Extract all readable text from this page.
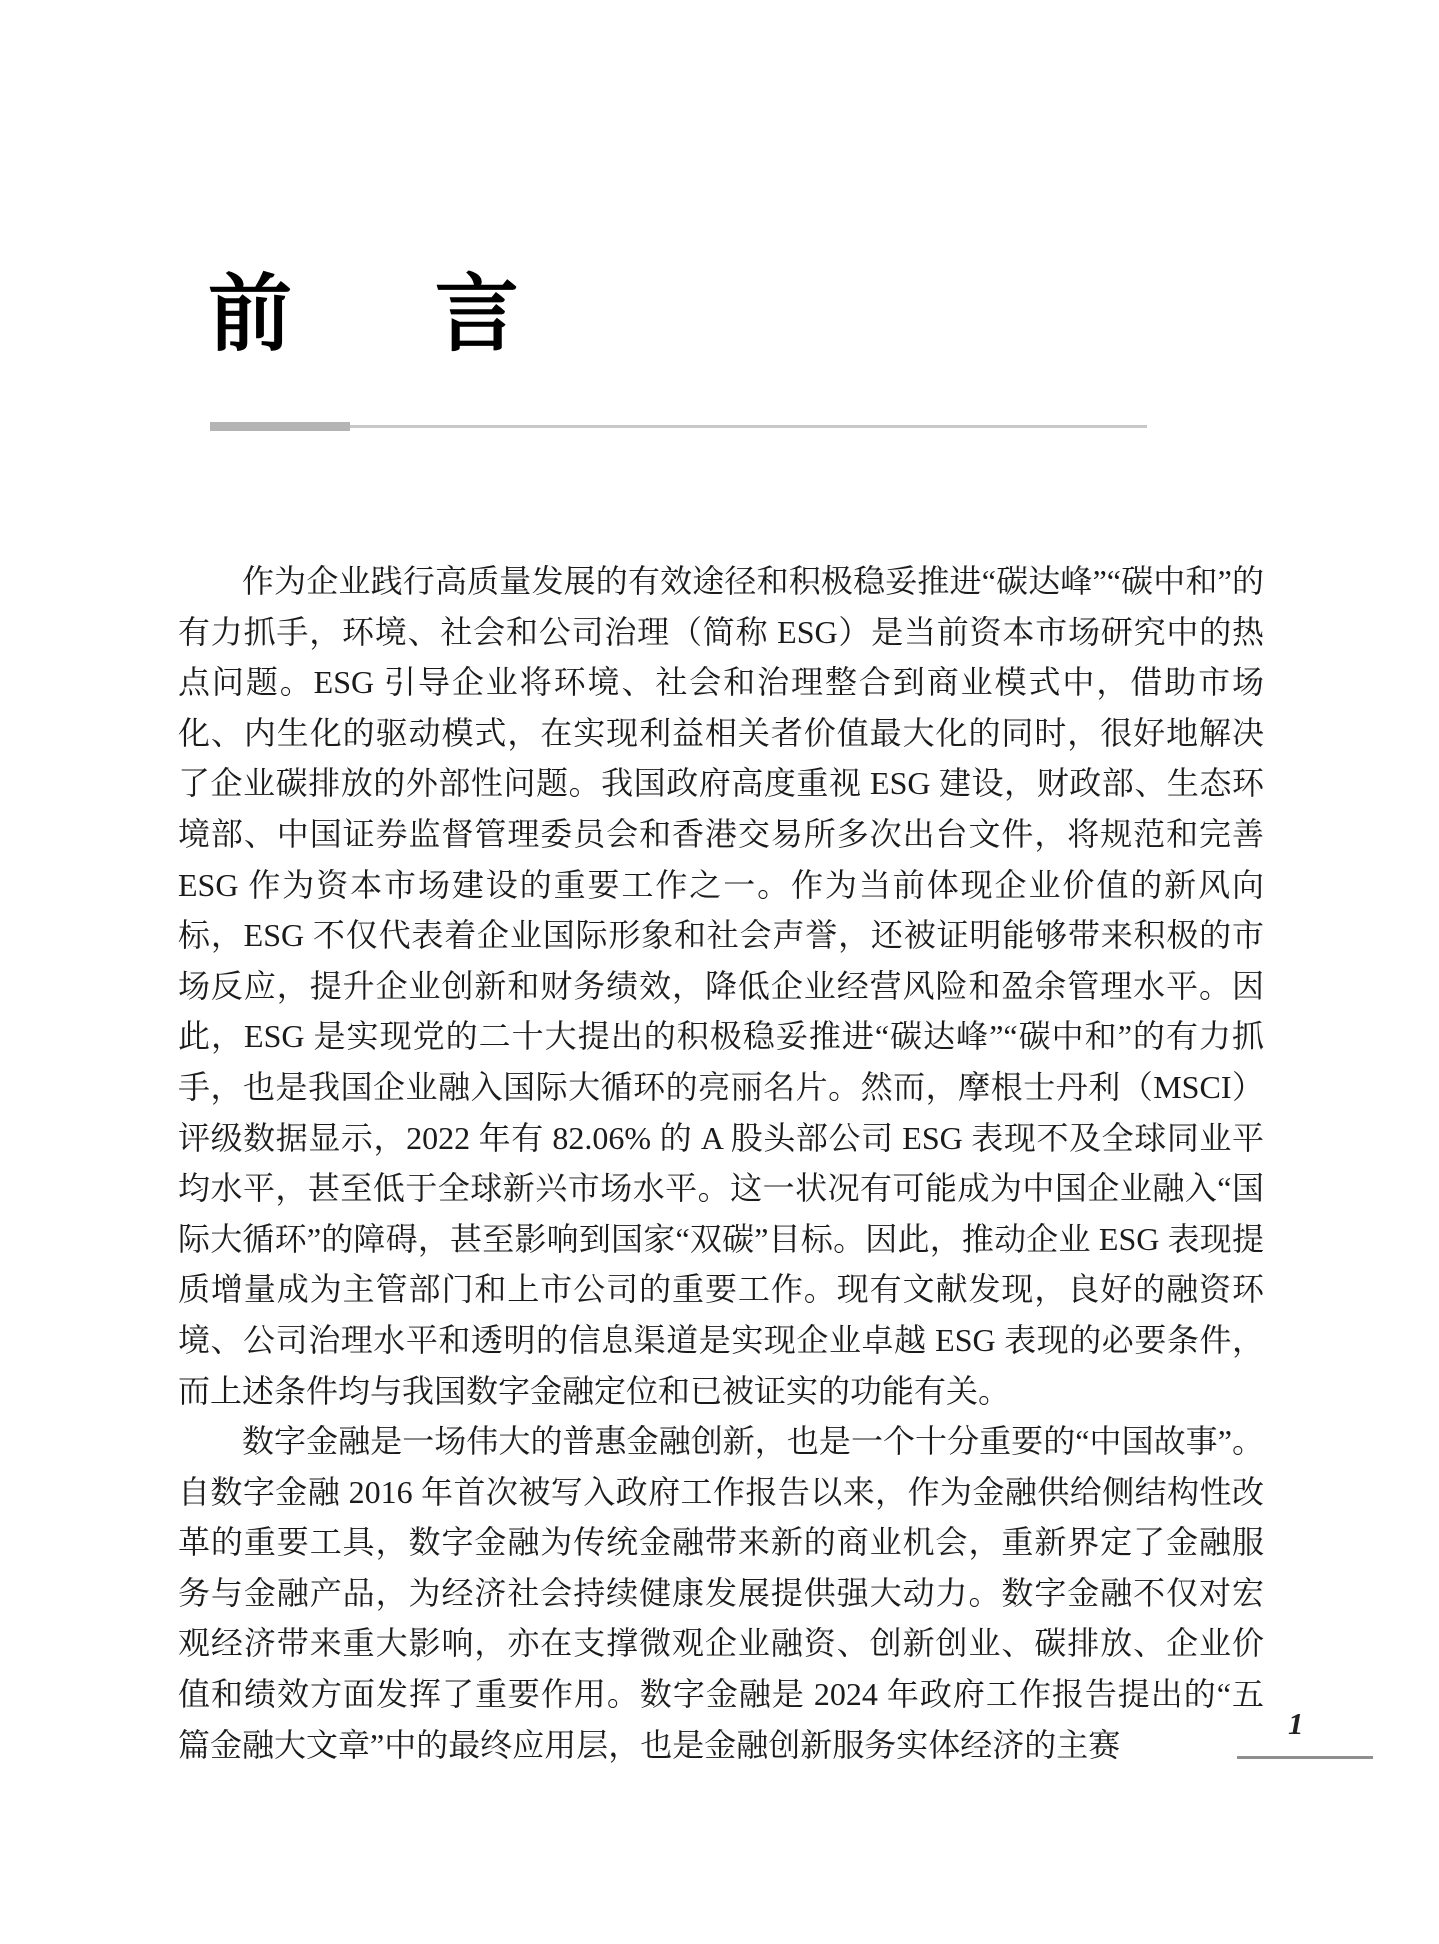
前　言

作为企业践行高质量发展的有效途径和积极稳妥推进“碳达峰”“碳中和”的有力抓手，环境、社会和公司治理（简称 ESG）是当前资本市场研究中的热点问题。ESG 引导企业将环境、社会和治理整合到商业模式中，借助市场化、内生化的驱动模式，在实现利益相关者价值最大化的同时，很好地解决了企业碳排放的外部性问题。我国政府高度重视 ESG 建设，财政部、生态环境部、中国证券监督管理委员会和香港交易所多次出台文件，将规范和完善 ESG 作为资本市场建设的重要工作之一。作为当前体现企业价值的新风向标，ESG 不仅代表着企业国际形象和社会声誉，还被证明能够带来积极的市场反应，提升企业创新和财务绩效，降低企业经营风险和盈余管理水平。因此，ESG 是实现党的二十大提出的积极稳妥推进“碳达峰”“碳中和”的有力抓手，也是我国企业融入国际大循环的亮丽名片。然而，摩根士丹利（MSCI）评级数据显示，2022 年有 82.06% 的 A 股头部公司 ESG 表现不及全球同业平均水平，甚至低于全球新兴市场水平。这一状况有可能成为中国企业融入“国际大循环”的障碍，甚至影响到国家“双碳”目标。因此，推动企业 ESG 表现提质增量成为主管部门和上市公司的重要工作。现有文献发现，良好的融资环境、公司治理水平和透明的信息渠道是实现企业卓越 ESG 表现的必要条件，而上述条件均与我国数字金融定位和已被证实的功能有关。

数字金融是一场伟大的普惠金融创新，也是一个十分重要的“中国故事”。自数字金融 2016 年首次被写入政府工作报告以来，作为金融供给侧结构性改革的重要工具，数字金融为传统金融带来新的商业机会，重新界定了金融服务与金融产品，为经济社会持续健康发展提供强大动力。数字金融不仅对宏观经济带来重大影响，亦在支撑微观企业融资、创新创业、碳排放、企业价值和绩效方面发挥了重要作用。数字金融是 2024 年政府工作报告提出的“五篇金融大文章”中的最终应用层，也是金融创新服务实体经济的主赛

1
